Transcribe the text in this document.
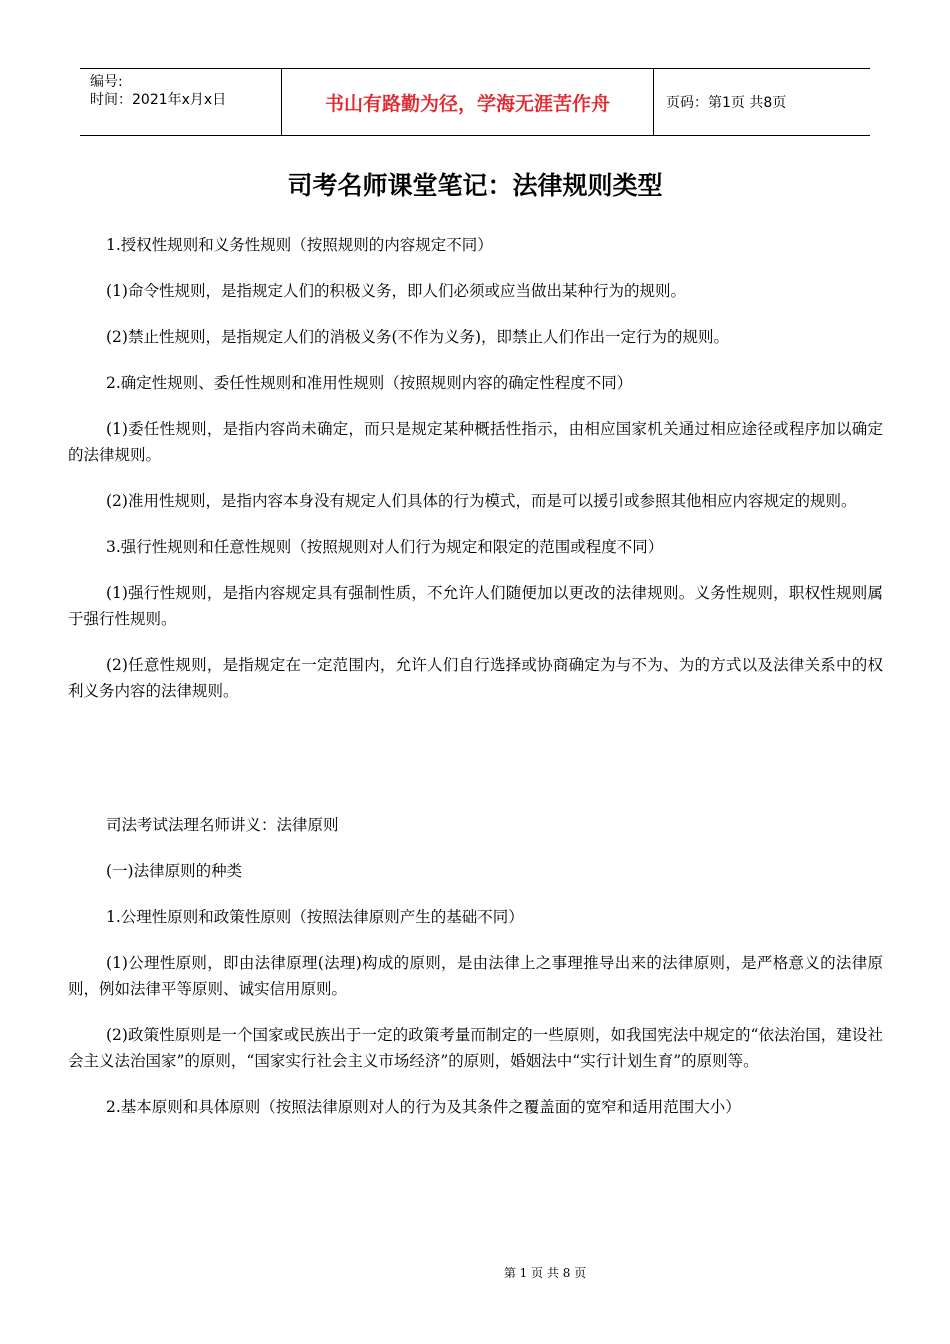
编号:
时间：2021年x月x日	书山有路勤为径，学海无涯苦作舟	页码：第1页 共8页
司考名师课堂笔记：法律规则类型

1.授权性规则和义务性规则（按照规则的内容规定不同）

(1)命令性规则，是指规定人们的积极义务，即人们必须或应当做出某种行为的规则。

(2)禁止性规则，是指规定人们的消极义务(不作为义务)，即禁止人们作出一定行为的规则。

2.确定性规则、委任性规则和准用性规则（按照规则内容的确定性程度不同）

(1)委任性规则，是指内容尚未确定，而只是规定某种概括性指示，由相应国家机关通过相应途径或程序加以确定的法律规则。

(2)准用性规则，是指内容本身没有规定人们具体的行为模式，而是可以援引或参照其他相应内容规定的规则。

3.强行性规则和任意性规则（按照规则对人们行为规定和限定的范围或程度不同）

(1)强行性规则，是指内容规定具有强制性质，不允许人们随便加以更改的法律规则。义务性规则，职权性规则属于强行性规则。

(2)任意性规则，是指规定在一定范围内，允许人们自行选择或协商确定为与不为、为的方式以及法律关系中的权利义务内容的法律规则。

司法考试法理名师讲义：法律原则

(一)法律原则的种类

1.公理性原则和政策性原则（按照法律原则产生的基础不同）

(1)公理性原则，即由法律原理(法理)构成的原则，是由法律上之事理推导出来的法律原则，是严格意义的法律原则，例如法律平等原则、诚实信用原则。

(2)政策性原则是一个国家或民族出于一定的政策考量而制定的一些原则，如我国宪法中规定的“依法治国，建设社会主义法治国家”的原则，“国家实行社会主义市场经济”的原则，婚姻法中“实行计划生育”的原则等。

2.基本原则和具体原则（按照法律原则对人的行为及其条件之覆盖面的宽窄和适用范围大小）

第 1 页 共 8 页
